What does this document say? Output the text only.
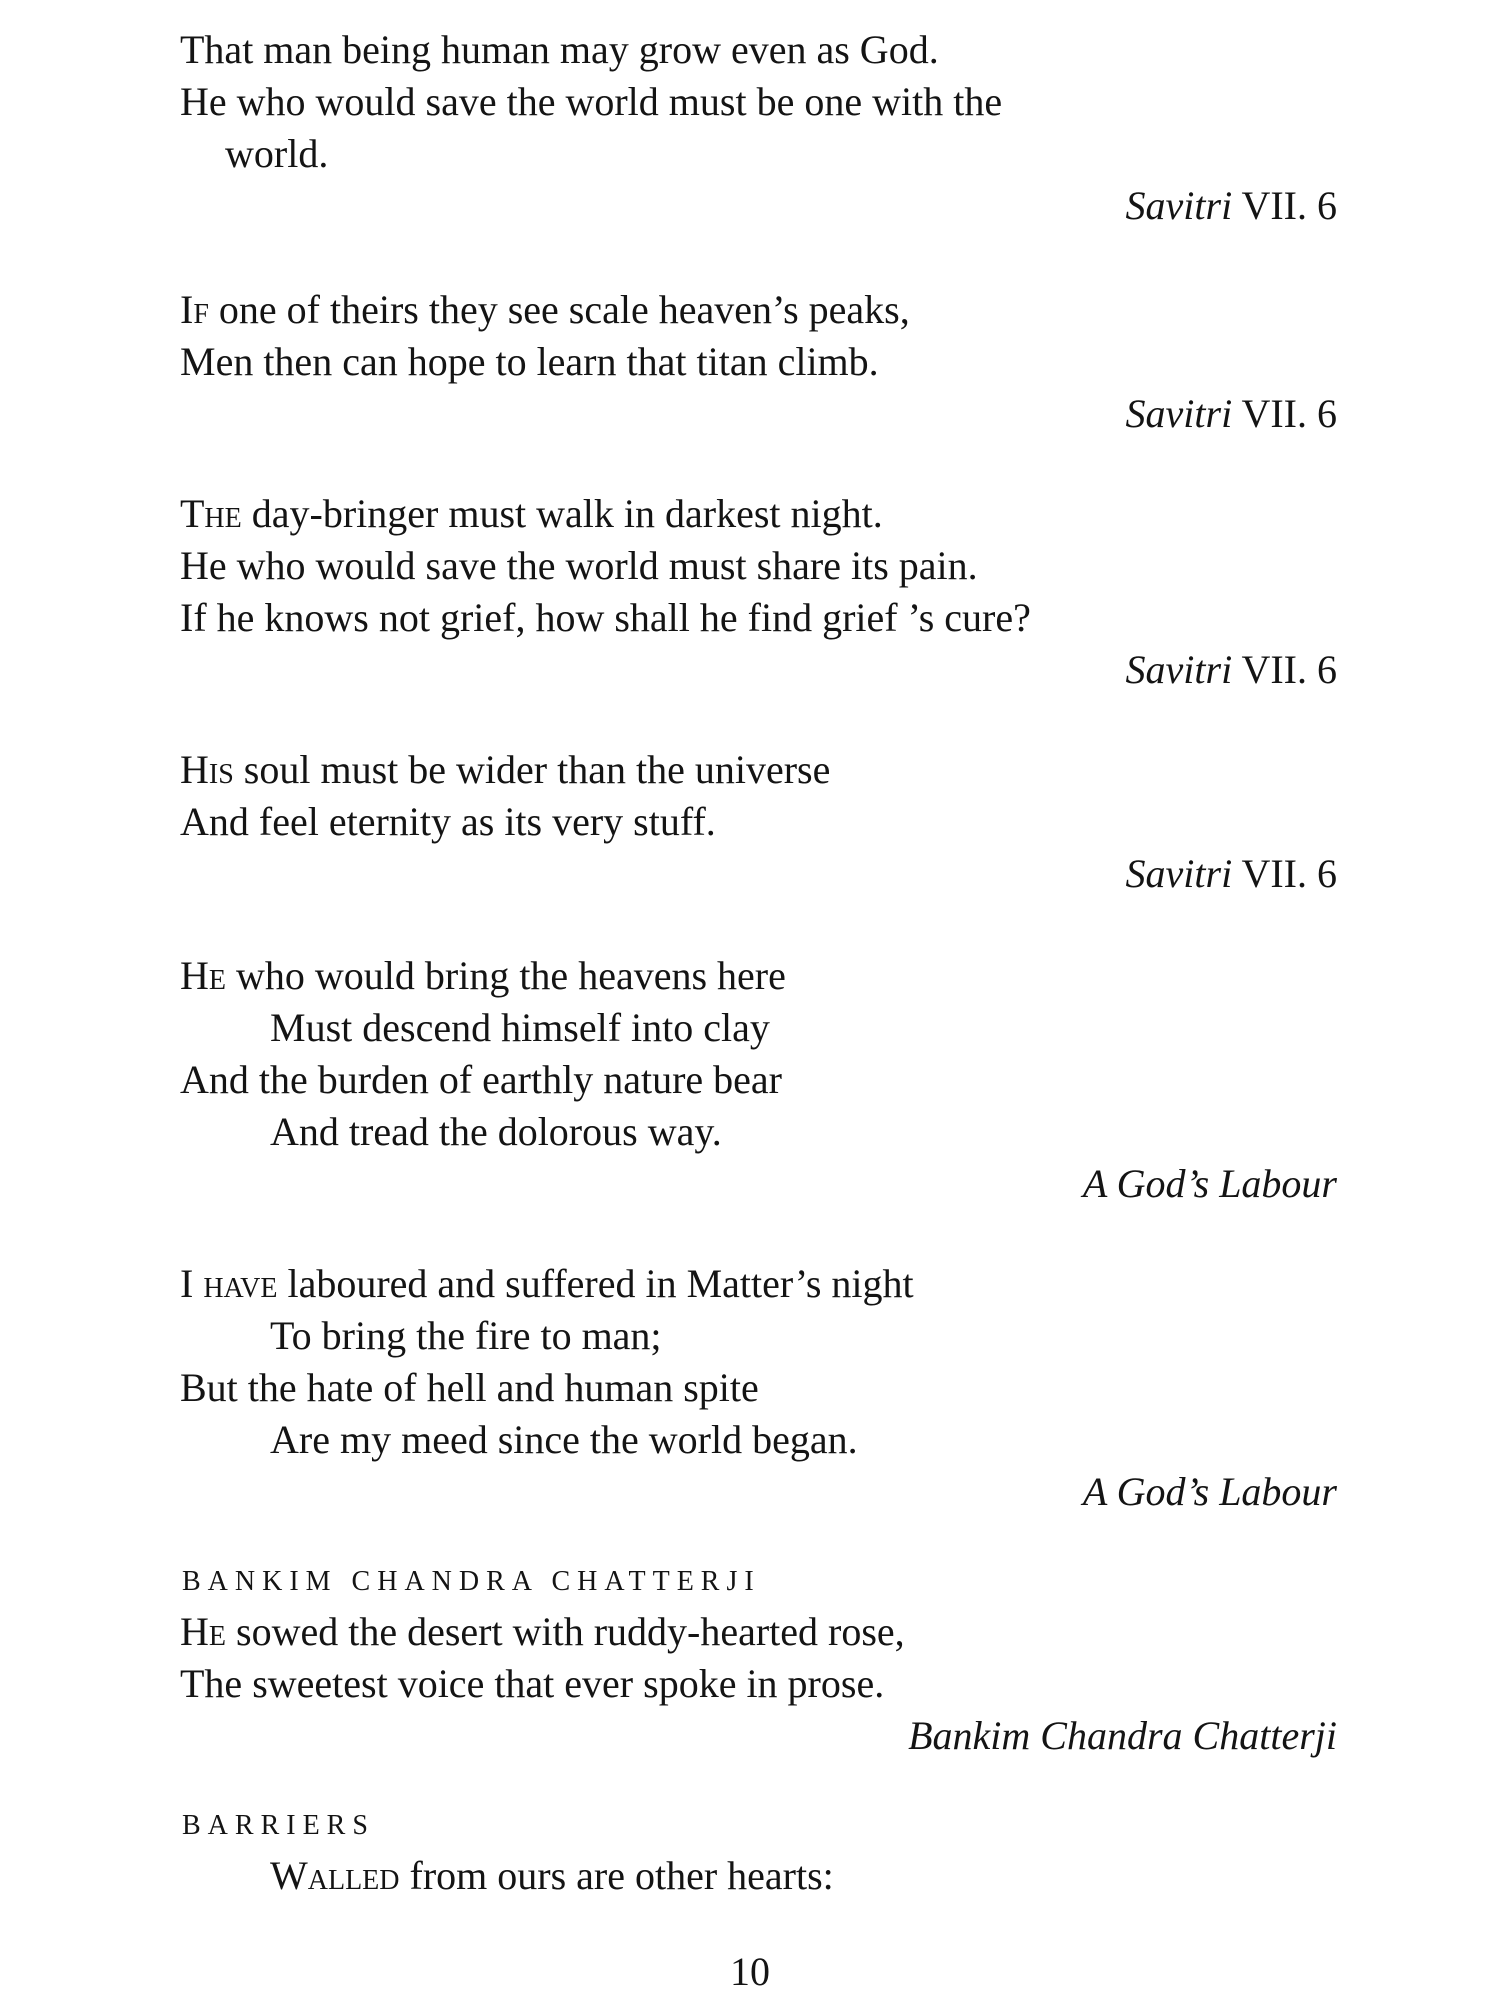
That man being human may grow even as God.
He who would save the world must be one with the
world.
Savitri VII. 6
If one of theirs they see scale heaven’s peaks,
Men then can hope to learn that titan climb.
Savitri VII. 6
The day-bringer must walk in darkest night.
He who would save the world must share its pain.
If he knows not grief, how shall he find grief ’s cure?
Savitri VII. 6
His soul must be wider than the universe
And feel eternity as its very stuff.
Savitri VII. 6
He who would bring the heavens here
Must descend himself into clay
And the burden of earthly nature bear
And tread the dolorous way.
A God’s Labour
I have laboured and suffered in Matter’s night
To bring the fire to man;
But the hate of hell and human spite
Are my meed since the world began.
A God’s Labour
BANKIM CHANDRA CHATTERJI
He sowed the desert with ruddy-hearted rose,
The sweetest voice that ever spoke in prose.
Bankim Chandra Chatterji
BARRIERS
Walled from ours are other hearts:
10
